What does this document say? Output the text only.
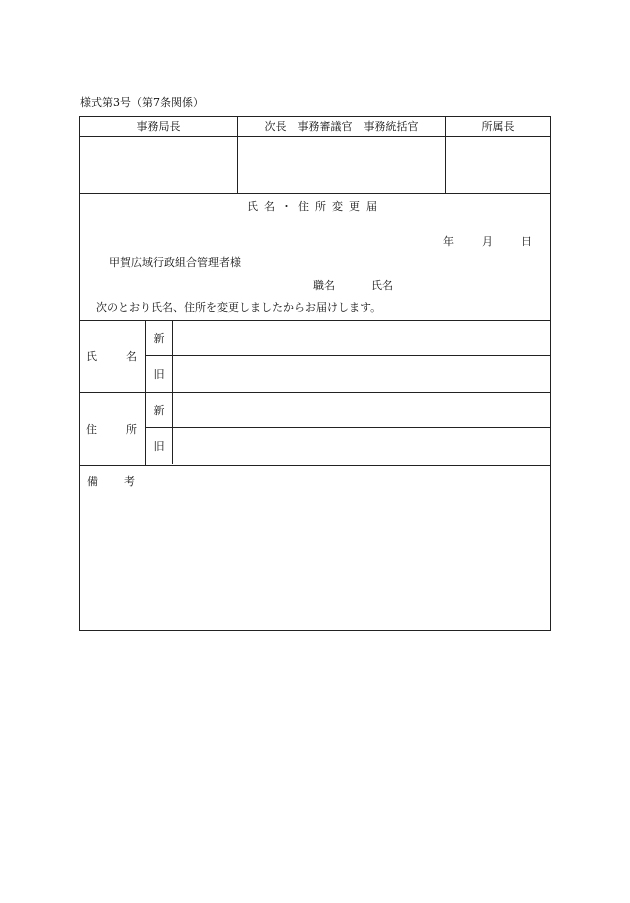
様式第3号（第7条関係）
事務局長	次長　事務審議官　事務統括官	所属長
氏名・住所変更届
年	月	日
甲賀広域行政組合管理者様
職名	氏名
次のとおり氏名、住所を変更しましたからお届けします。
氏	名
新
旧
住	所
新
旧
備 考
